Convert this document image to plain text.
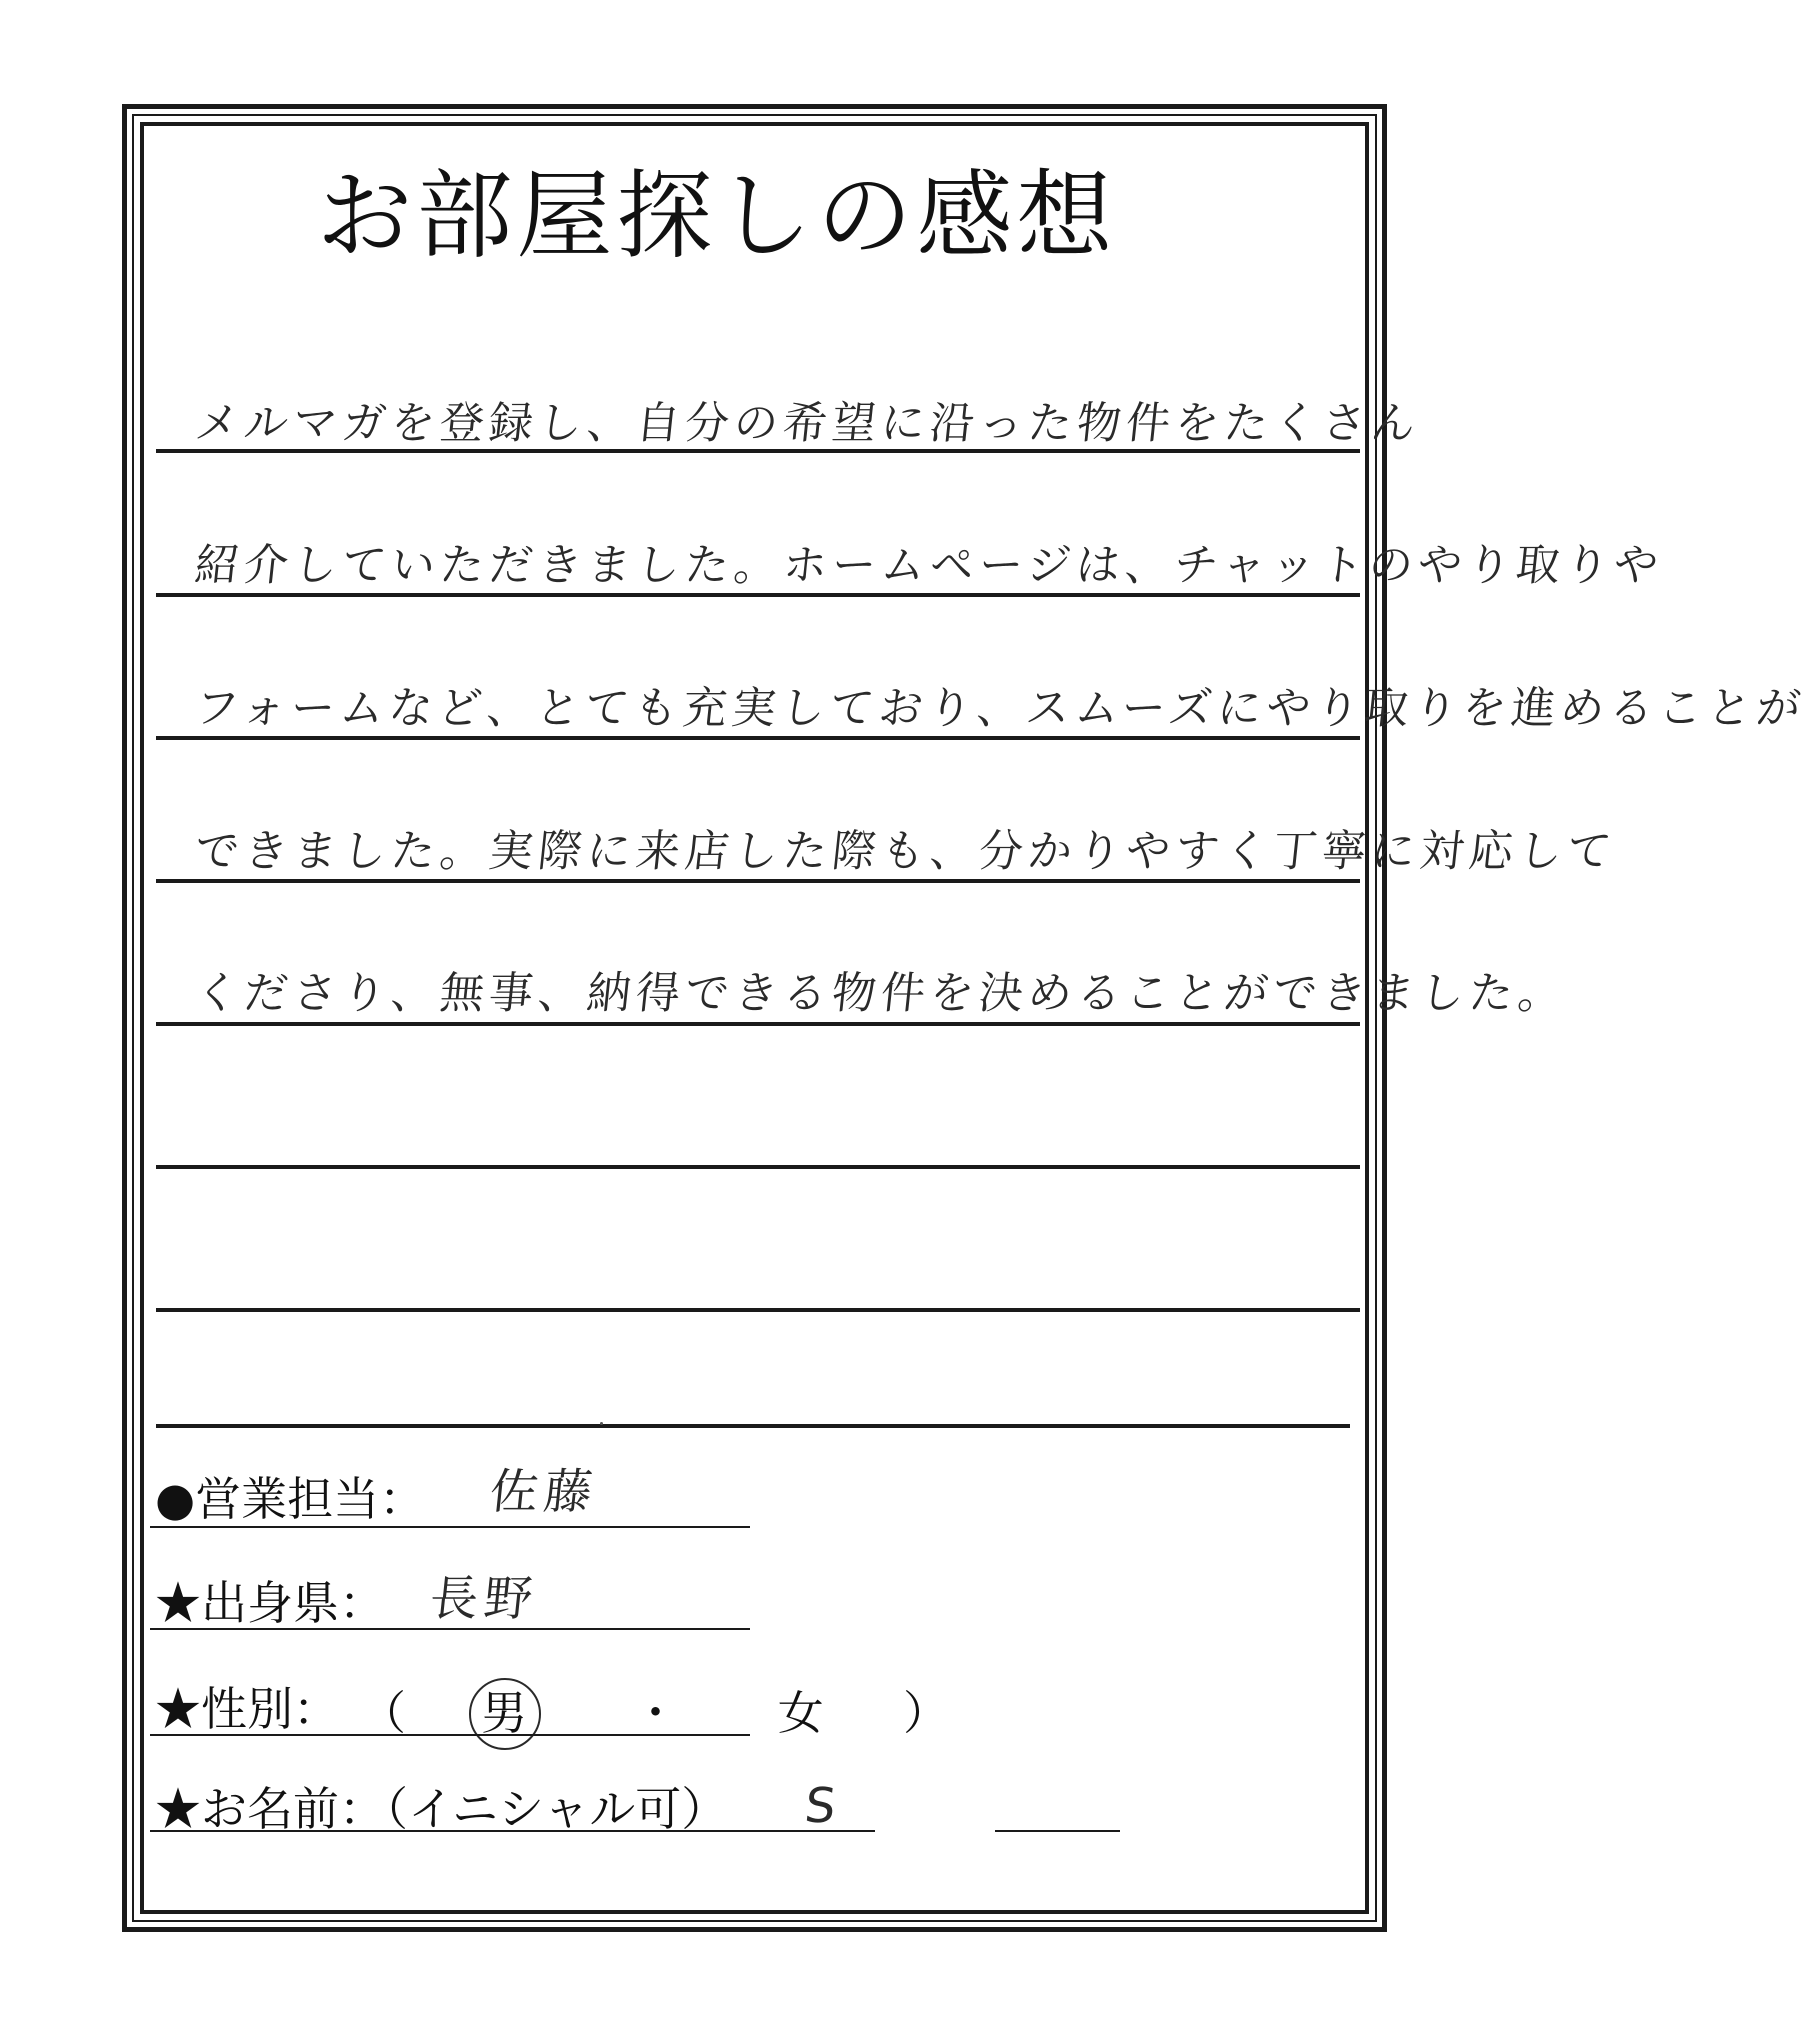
お部屋探しの感想
メルマガを登録し、自分の希望に沿った物件をたくさん
紹介していただきました。ホームページは、チャットのやり取りや
フォームなど、とても充実しており、スムーズにやり取りを進めることが
できました。実際に来店した際も、分かりやすく丁寧に対応して
くださり、無事、納得できる物件を決めることができました。
●営業担当： 佐藤
★出身県： 長野
★性別： （ 男 ・ 女 ）
★お名前：（イニシャル可） S
